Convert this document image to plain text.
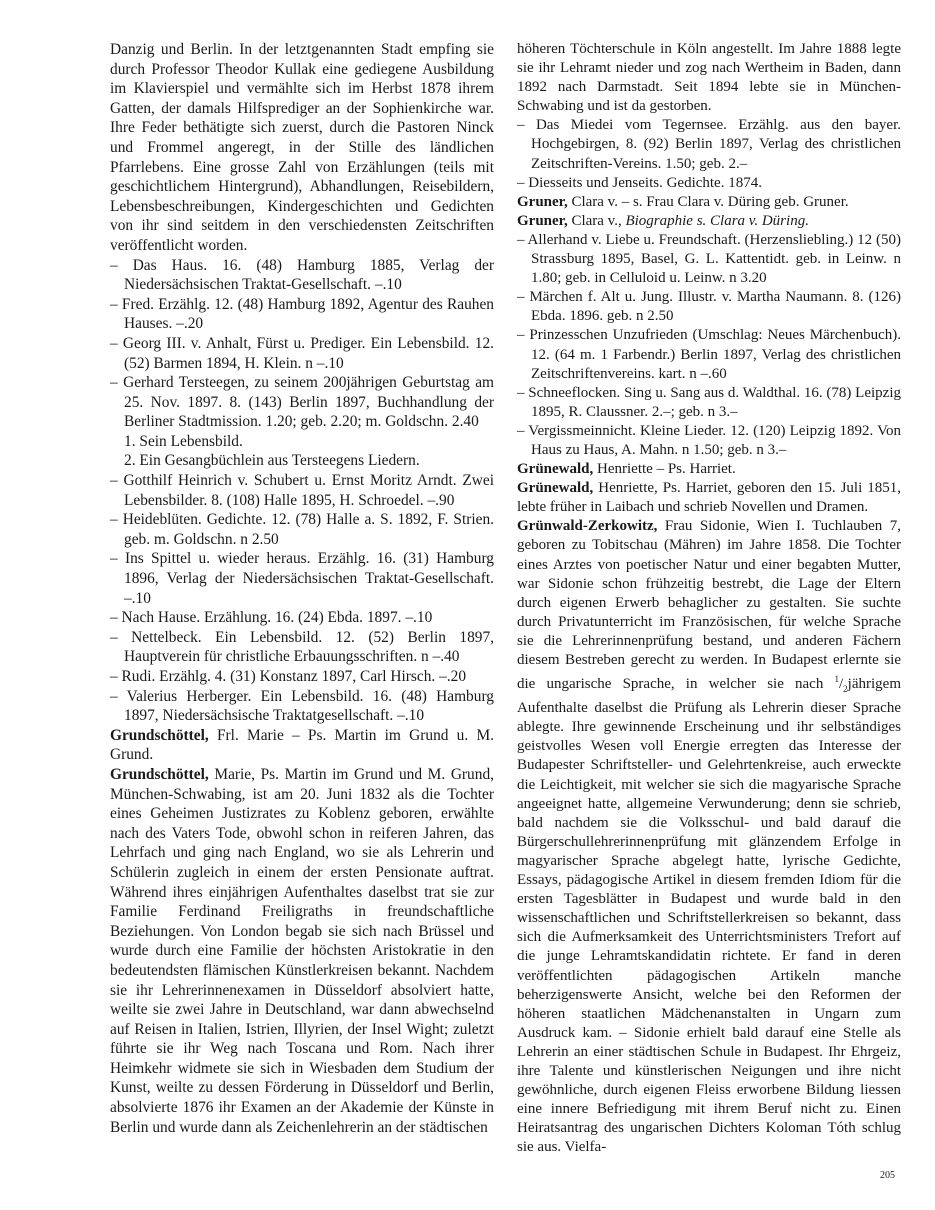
Danzig und Berlin. In der letztgenannten Stadt empfing sie durch Professor Theodor Kullak eine gediegene Ausbildung im Klavierspiel und vermählte sich im Herbst 1878 ihrem Gatten, der damals Hilfsprediger an der Sophienkirche war. Ihre Feder bethätigte sich zuerst, durch die Pastoren Ninck und Frommel angeregt, in der Stille des ländlichen Pfarrlebens. Eine grosse Zahl von Erzählungen (teils mit geschichtlichem Hintergrund), Abhandlungen, Reisebildern, Lebensbeschreibungen, Kindergeschichten und Gedichten von ihr sind seitdem in den verschiedensten Zeitschriften veröffentlicht worden.

– Das Haus. 16. (48) Hamburg 1885, Verlag der Niedersächsischen Traktat-Gesellschaft. –.10

– Fred. Erzählg. 12. (48) Hamburg 1892, Agentur des Rauhen Hauses. –.20

– Georg III. v. Anhalt, Fürst u. Prediger. Ein Lebensbild. 12. (52) Barmen 1894, H. Klein. n –.10

– Gerhard Tersteegen, zu seinem 200jährigen Geburtstag am 25. Nov. 1897. 8. (143) Berlin 1897, Buchhandlung der Berliner Stadtmission. 1.20; geb. 2.20; m. Goldschn. 2.40

1. Sein Lebensbild.

2. Ein Gesangbüchlein aus Tersteegens Liedern.

– Gotthilf Heinrich v. Schubert u. Ernst Moritz Arndt. Zwei Lebensbilder. 8. (108) Halle 1895, H. Schroedel. –.90

– Heideblüten. Gedichte. 12. (78) Halle a. S. 1892, F. Strien. geb. m. Goldschn. n 2.50

– Ins Spittel u. wieder heraus. Erzählg. 16. (31) Hamburg 1896, Verlag der Niedersächsischen Traktat-Gesellschaft. –.10

– Nach Hause. Erzählung. 16. (24) Ebda. 1897. –.10

– Nettelbeck. Ein Lebensbild. 12. (52) Berlin 1897, Hauptverein für christliche Erbauungsschriften. n –.40

– Rudi. Erzählg. 4. (31) Konstanz 1897, Carl Hirsch. –.20

– Valerius Herberger. Ein Lebensbild. 16. (48) Hamburg 1897, Niedersächsische Traktatgesellschaft. –.10

Grundschöttel, Frl. Marie – Ps. Martin im Grund u. M. Grund.

Grundschöttel, Marie, Ps. Martin im Grund und M. Grund, München-Schwabing, ist am 20. Juni 1832 als die Tochter eines Geheimen Justizrates zu Koblenz geboren, erwählte nach des Vaters Tode, obwohl schon in reiferen Jahren, das Lehrfach und ging nach England, wo sie als Lehrerin und Schülerin zugleich in einem der ersten Pensionate auftrat. Während ihres einjährigen Aufenthaltes daselbst trat sie zur Familie Ferdinand Freiligraths in freundschaftliche Beziehungen. Von London begab sie sich nach Brüssel und wurde durch eine Familie der höchsten Aristokratie in den bedeutendsten flämischen Künstlerkreisen bekannt. Nachdem sie ihr Lehrerinnenexamen in Düsseldorf absolviert hatte, weilte sie zwei Jahre in Deutschland, war dann abwechselnd auf Reisen in Italien, Istrien, Illyrien, der Insel Wight; zuletzt führte sie ihr Weg nach Toscana und Rom. Nach ihrer Heimkehr widmete sie sich in Wiesbaden dem Studium der Kunst, weilte zu dessen Förderung in Düsseldorf und Berlin, absolvierte 1876 ihr Examen an der Akademie der Künste in Berlin und wurde dann als Zeichenlehrerin an der städtischen

höheren Töchterschule in Köln angestellt. Im Jahre 1888 legte sie ihr Lehramt nieder und zog nach Wertheim in Baden, dann 1892 nach Darmstadt. Seit 1894 lebte sie in München-Schwabing und ist da gestorben.

– Das Miedei vom Tegernsee. Erzählg. aus den bayer. Hochgebirgen, 8. (92) Berlin 1897, Verlag des christlichen Zeitschriften-Vereins. 1.50; geb. 2.–

– Diesseits und Jenseits. Gedichte. 1874.

Gruner, Clara v. – s. Frau Clara v. Düring geb. Gruner.

Gruner, Clara v., Biographie s. Clara v. Düring.

– Allerhand v. Liebe u. Freundschaft. (Herzensliebling.) 12 (50) Strassburg 1895, Basel, G. L. Kattentidt. geb. in Leinw. n 1.80; geb. in Celluloid u. Leinw. n 3.20

– Märchen f. Alt u. Jung. Illustr. v. Martha Naumann. 8. (126) Ebda. 1896. geb. n 2.50

– Prinzesschen Unzufrieden (Umschlag: Neues Märchenbuch). 12. (64 m. 1 Farbendr.) Berlin 1897, Verlag des christlichen Zeitschriftenvereins. kart. n –.60

– Schneeflocken. Sing u. Sang aus d. Waldthal. 16. (78) Leipzig 1895, R. Claussner. 2.–; geb. n 3.–

– Vergissmeinnicht. Kleine Lieder. 12. (120) Leipzig 1892. Von Haus zu Haus, A. Mahn. n 1.50; geb. n 3.–

Grünewald, Henriette – Ps. Harriet.

Grünewald, Henriette, Ps. Harriet, geboren den 15. Juli 1851, lebte früher in Laibach und schrieb Novellen und Dramen.

Grünwald-Zerkowitz, Frau Sidonie, Wien I. Tuchlauben 7, geboren zu Tobitschau (Mähren) im Jahre 1858. Die Tochter eines Arztes von poetischer Natur und einer begabten Mutter, war Sidonie schon frühzeitig bestrebt, die Lage der Eltern durch eigenen Erwerb behaglicher zu gestalten. Sie suchte durch Privatunterricht im Französischen, für welche Sprache sie die Lehrerinnenprüfung bestand, und anderen Fächern diesem Bestreben gerecht zu werden. In Budapest erlernte sie die ungarische Sprache, in welcher sie nach $^1/_2jährigem$ Aufenthalte daselbst die Prüfung als Lehrerin dieser Sprache ablegte. Ihre gewinnende Erscheinung und ihr selbständiges geistvolles Wesen voll Energie erregten das Interesse der Budapester Schriftsteller- und Gelehrtenkreise, auch erweckte die Leichtigkeit, mit welcher sie sich die magyarische Sprache angeeignet hatte, allgemeine Verwunderung; denn sie schrieb, bald nachdem sie die Volksschul- und bald darauf die Bürgerschullehrerinnenprüfung mit glänzendem Erfolge in magyarischer Sprache abgelegt hatte, lyrische Gedichte, Essays, pädagogische Artikel in diesem fremden Idiom für die ersten Tagesblätter in Budapest und wurde bald in den wissenschaftlichen und Schriftstellerkreisen so bekannt, dass sich die Aufmerksamkeit des Unterrichtsministers Trefort auf die junge Lehramtskandidatin richtete. Er fand in deren veröffentlichten pädagogischen Artikeln manche beherzigenswerte Ansicht, welche bei den Reformen der höheren staatlichen Mädchenanstalten in Ungarn zum Ausdruck kam. – Sidonie erhielt bald darauf eine Stelle als Lehrerin an einer städtischen Schule in Budapest. Ihr Ehrgeiz, ihre Talente und künstlerischen Neigungen und ihre nicht gewöhnliche, durch eigenen Fleiss erworbene Bildung liessen eine innere Befriedigung mit ihrem Beruf nicht zu. Einen Heiratsantrag des ungarischen Dichters Koloman Tóth schlug sie aus. Vielfa-

205
